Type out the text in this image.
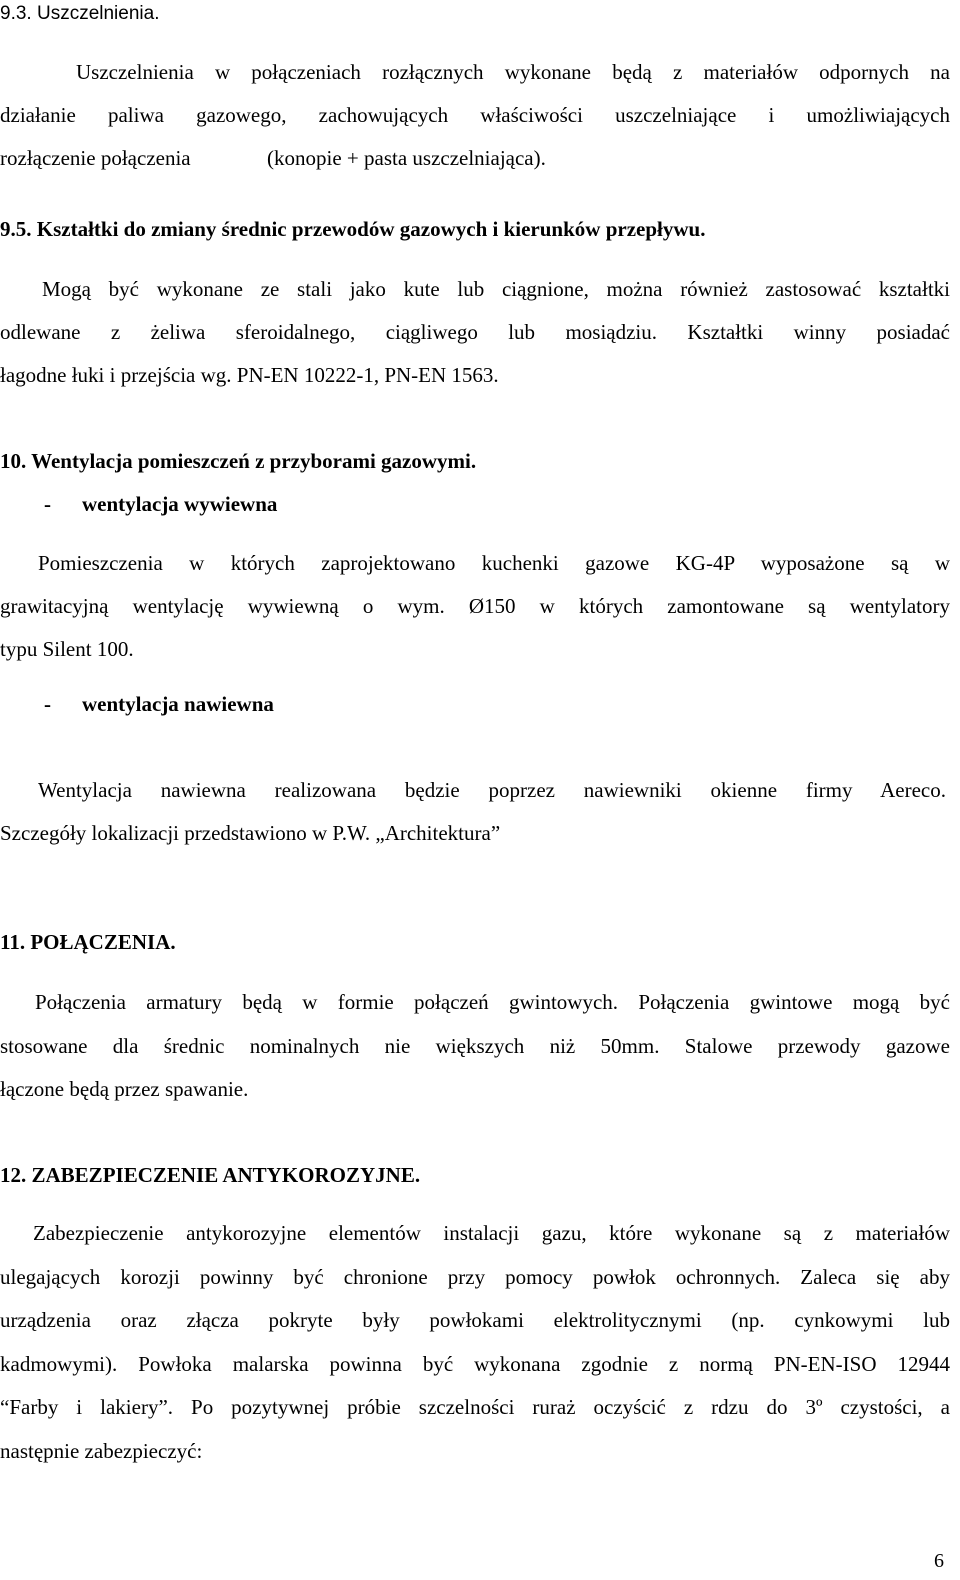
9.3. Uszczelnienia.
Uszczelnienia w połączeniach rozłącznych wykonane będą z materiałów odpornych na
działanie paliwa gazowego, zachowujących właściwości uszczelniające i umożliwiających
rozłączenie połączenia	(konopie + pasta uszczelniająca).
9.5. Kształtki do zmiany średnic przewodów gazowych i kierunków przepływu.
Mogą być wykonane ze stali jako kute lub ciągnione, można również zastosować kształtki
odlewane z żeliwa sferoidalnego, ciągliwego lub mosiądziu. Kształtki winny posiadać
łagodne łuki i przejścia wg. PN-EN 10222-1, PN-EN 1563.
10. Wentylacja pomieszczeń z przyborami gazowymi.
- wentylacja wywiewna
Pomieszczenia w których zaprojektowano kuchenki gazowe KG-4P wyposażone są w
grawitacyjną wentylację wywiewną o wym. Ø150 w których zamontowane są wentylatory
typu Silent 100.
- wentylacja nawiewna
Wentylacja nawiewna realizowana będzie poprzez nawiewniki okienne firmy Aereco.
Szczegóły lokalizacji przedstawiono w P.W. „Architektura”
11. POŁĄCZENIA.
Połączenia armatury będą w formie połączeń gwintowych. Połączenia gwintowe mogą być
stosowane dla średnic nominalnych nie większych niż 50mm. Stalowe przewody gazowe
łączone będą przez spawanie.
12. ZABEZPIECZENIE ANTYKOROZYJNE.
Zabezpieczenie antykorozyjne elementów instalacji gazu, które wykonane są z materiałów
ulegających korozji powinny być chronione przy pomocy powłok ochronnych. Zaleca się aby
urządzenia oraz złącza pokryte były powłokami elektrolitycznymi (np. cynkowymi lub
kadmowymi). Powłoka malarska powinna być wykonana zgodnie z normą PN-EN-ISO 12944
“Farby i lakiery”. Po pozytywnej próbie szczelności ruraż oczyścić z rdzu do 3º czystości, a
następnie zabezpieczyć:
6
